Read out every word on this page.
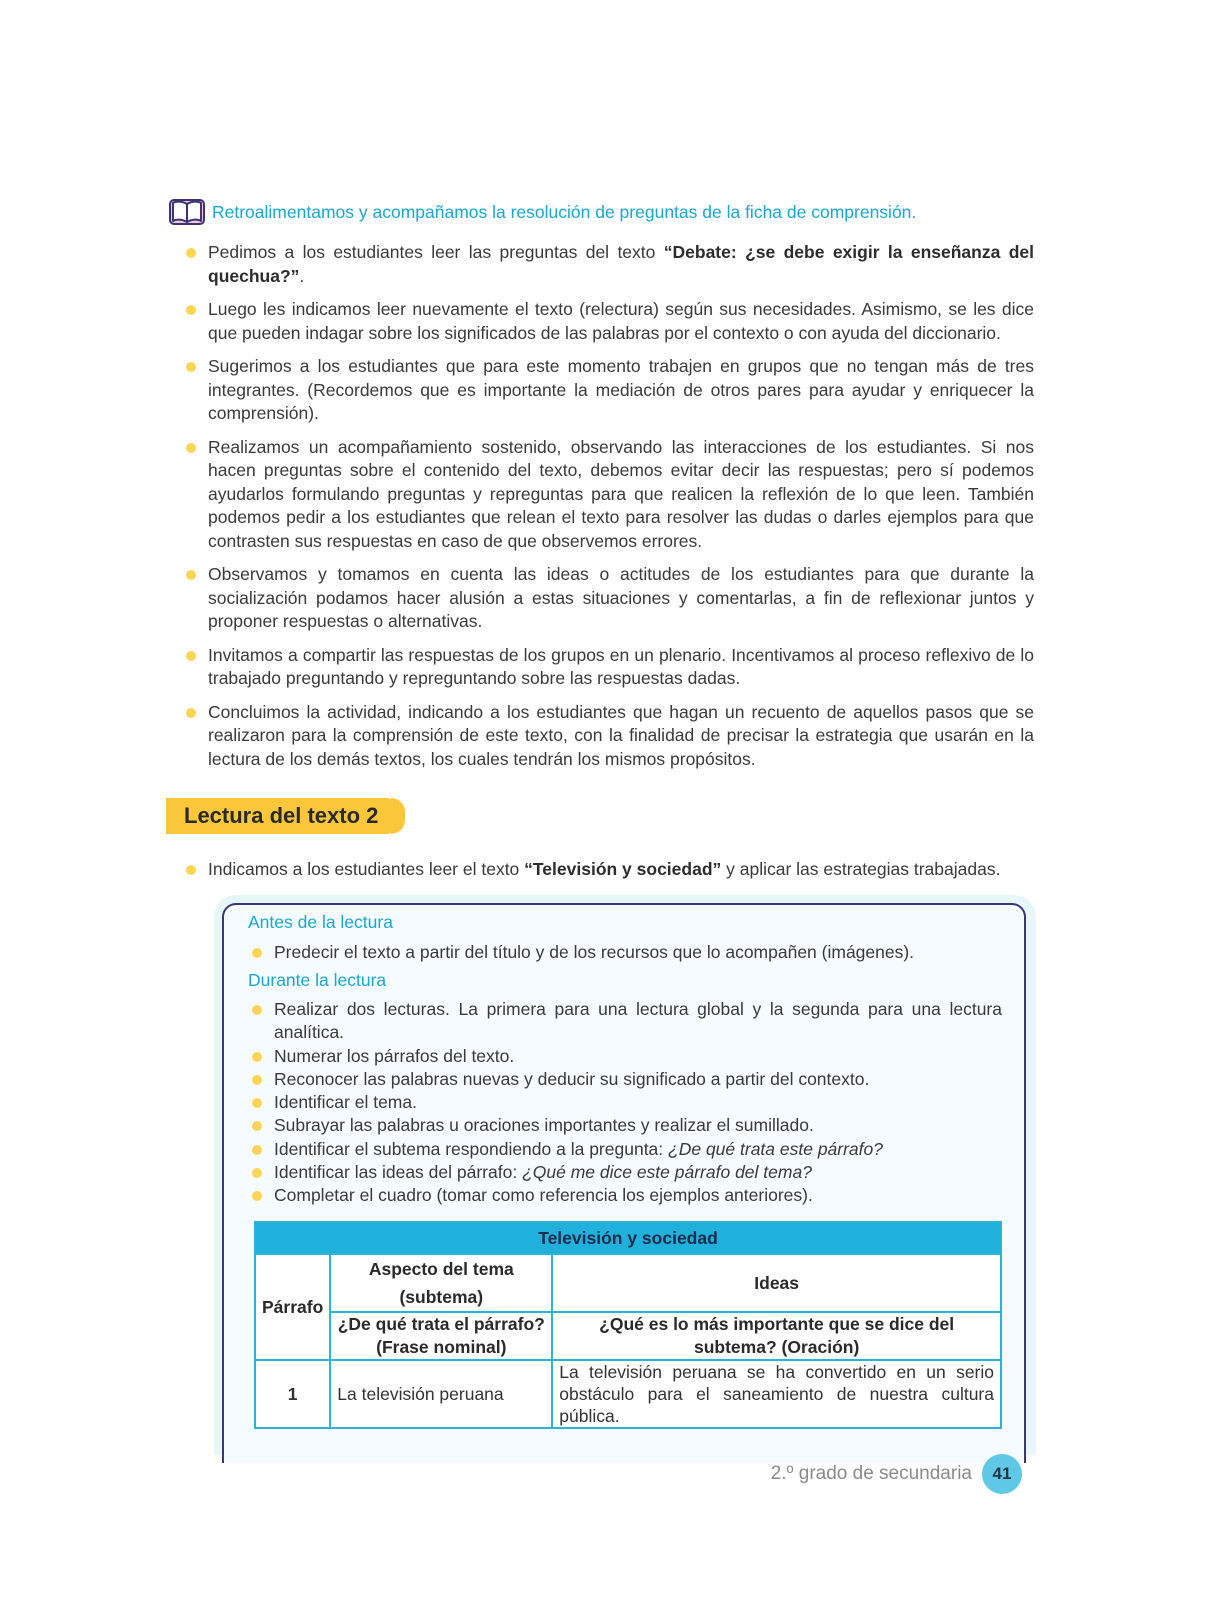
Retroalimentamos y acompañamos la resolución de preguntas de la ficha de comprensión.
Pedimos a los estudiantes leer las preguntas del texto “Debate: ¿se debe exigir la enseñanza del quechua?”.
Luego les indicamos leer nuevamente el texto (relectura) según sus necesidades. Asimismo, se les dice que pueden indagar sobre los significados de las palabras por el contexto o con ayuda del diccionario.
Sugerimos a los estudiantes que para este momento trabajen en grupos que no tengan más de tres integrantes. (Recordemos que es importante la mediación de otros pares para ayudar y enriquecer la comprensión).
Realizamos un acompañamiento sostenido, observando las interacciones de los estudiantes. Si nos hacen preguntas sobre el contenido del texto, debemos evitar decir las respuestas; pero sí podemos ayudarlos formulando preguntas y repreguntas para que realicen la reflexión de lo que leen. También podemos pedir a los estudiantes que relean el texto para resolver las dudas o darles ejemplos para que contrasten sus respuestas en caso de que observemos errores.
Observamos y tomamos en cuenta las ideas o actitudes de los estudiantes para que durante la socialización podamos hacer alusión a estas situaciones y comentarlas, a fin de reflexionar juntos y proponer respuestas o alternativas.
Invitamos a compartir las respuestas de los grupos en un plenario. Incentivamos al proceso reflexivo de lo trabajado preguntando y repreguntando sobre las respuestas dadas.
Concluimos la actividad, indicando a los estudiantes que hagan un recuento de aquellos pasos que se realizaron para la comprensión de este texto, con la finalidad de precisar la estrategia que usarán en la lectura de los demás textos, los cuales tendrán los mismos propósitos.
Lectura del texto 2
Indicamos a los estudiantes leer el texto “Televisión y sociedad” y aplicar las estrategias trabajadas.
Antes de la lectura
Predecir el texto a partir del título y de los recursos que lo acompañen (imágenes).
Durante la lectura
Realizar dos lecturas. La primera para una lectura global y la segunda para una lectura analítica.
Numerar los párrafos del texto.
Reconocer las palabras nuevas y deducir su significado a partir del contexto.
Identificar el tema.
Subrayar las palabras u oraciones importantes y realizar el sumillado.
Identificar el subtema respondiendo a la pregunta: ¿De qué trata este párrafo?
Identificar las ideas del párrafo: ¿Qué me dice este párrafo del tema?
Completar el cuadro (tomar como referencia los ejemplos anteriores).
Televisión y sociedad		
Párrafo	Aspecto del tema (subtema)	Ideas
	¿De qué trata el párrafo? (Frase nominal)	¿Qué es lo más importante que se dice del subtema? (Oración)
1	La televisión peruana	La televisión peruana se ha convertido en un serio obstáculo para el saneamiento de nuestra cultura pública.
2.º grado de secundaria	41
